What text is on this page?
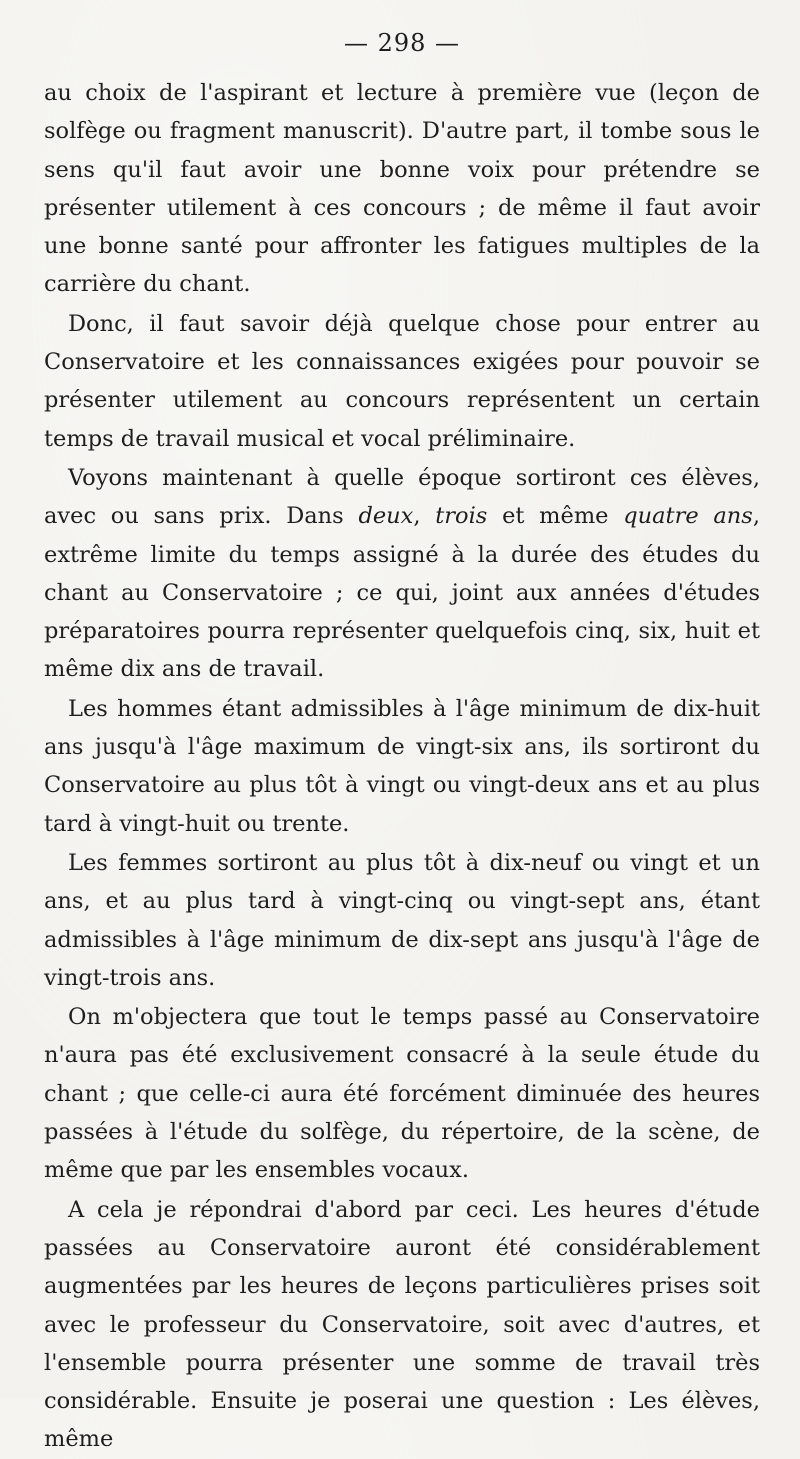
— 298 —

au choix de l'aspirant et lecture à première vue (leçon de solfège ou fragment manuscrit). D'autre part, il tombe sous le sens qu'il faut avoir une bonne voix pour prétendre se présenter utilement à ces concours ; de même il faut avoir une bonne santé pour affronter les fatigues multiples de la carrière du chant.

Donc, il faut savoir déjà quelque chose pour entrer au Conservatoire et les connaissances exigées pour pouvoir se présenter utilement au concours représentent un certain temps de travail musical et vocal préliminaire.

Voyons maintenant à quelle époque sortiront ces élèves, avec ou sans prix. Dans deux, trois et même quatre ans, extrême limite du temps assigné à la durée des études du chant au Conservatoire ; ce qui, joint aux années d'études préparatoires pourra représenter quelquefois cinq, six, huit et même dix ans de travail.

Les hommes étant admissibles à l'âge minimum de dix-huit ans jusqu'à l'âge maximum de vingt-six ans, ils sortiront du Conservatoire au plus tôt à vingt ou vingt-deux ans et au plus tard à vingt-huit ou trente.

Les femmes sortiront au plus tôt à dix-neuf ou vingt et un ans, et au plus tard à vingt-cinq ou vingt-sept ans, étant admissibles à l'âge minimum de dix-sept ans jusqu'à l'âge de vingt-trois ans.

On m'objectera que tout le temps passé au Conservatoire n'aura pas été exclusivement consacré à la seule étude du chant ; que celle-ci aura été forcément diminuée des heures passées à l'étude du solfège, du répertoire, de la scène, de même que par les ensembles vocaux.

A cela je répondrai d'abord par ceci. Les heures d'étude passées au Conservatoire auront été considérablement augmentées par les heures de leçons particulières prises soit avec le professeur du Conservatoire, soit avec d'autres, et l'ensemble pourra présenter une somme de travail très considérable. Ensuite je poserai une question : Les élèves, même
